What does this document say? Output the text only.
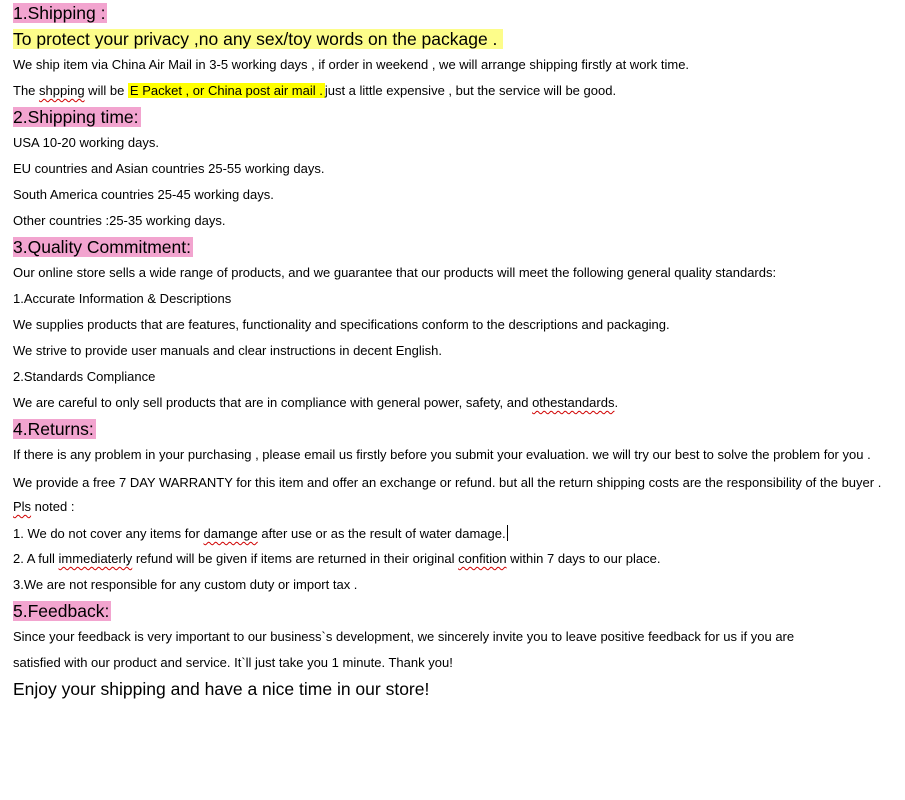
1.Shipping :
To protect your privacy ,no any sex/toy words on the package .
We ship item via China Air Mail in 3-5 working days , if order in weekend , we will arrange shipping firstly at work time.
The shpping will be E Packet , or China post air mail . just a little expensive , but the service will be good.
2.Shipping time:
USA 10-20 working days.
EU countries and Asian countries 25-55 working days.
South America countries 25-45 working days.
Other countries :25-35 working days.
3.Quality Commitment:
Our online store sells a wide range of products, and we guarantee that our products will meet the following general quality standards:
1.Accurate Information & Descriptions
We supplies products that are features, functionality and specifications conform to the descriptions and packaging.
We strive to provide user manuals and clear instructions in decent English.
2.Standards Compliance
We are careful to only sell products that are in compliance with general power, safety, and othestandards.
4.Returns:
If there is any problem in your purchasing , please email us firstly before you submit your evaluation. we will try our best to solve the problem for you .
We provide a free 7 DAY WARRANTY for this item and offer an exchange or refund. but all the return shipping costs are the responsibility of the buyer .
Pls noted :
1. We do not cover any items for damange after use or as the result of water damage.
2. A full immediaterly refund will be given if items are returned in their original confition within 7 days to our place.
3.We are not responsible for any custom duty or import tax .
5.Feedback:
Since your feedback is very important to our business`s development, we sincerely invite you to leave positive feedback for us if you are
satisfied with our product and service. It`ll just take you 1 minute. Thank you!
Enjoy your shipping and have a nice time in our store!
